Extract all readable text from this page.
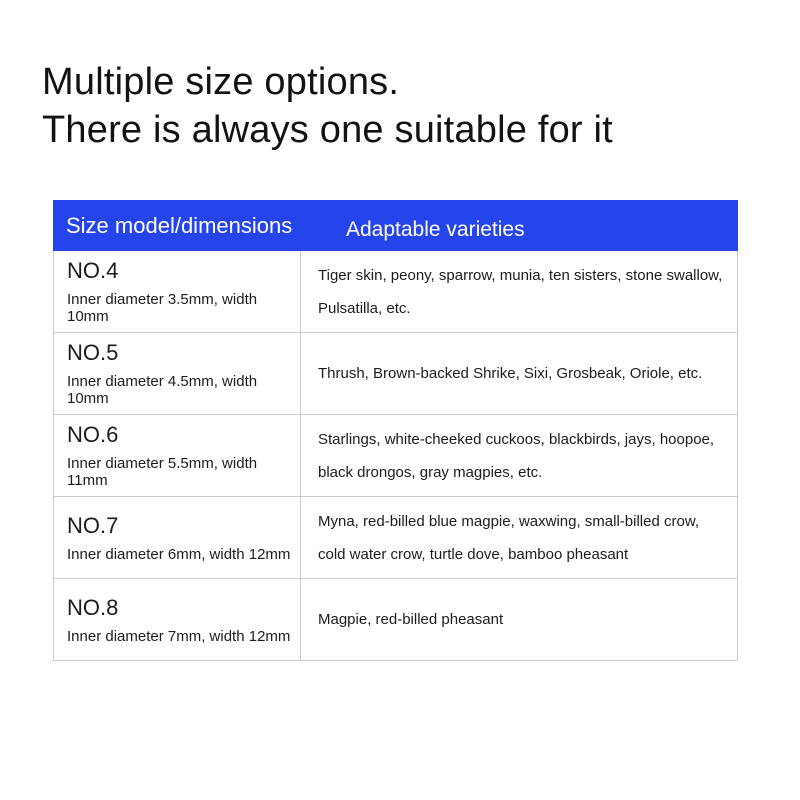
Multiple size options.
There is always one suitable for it
Size model/dimensions	Adaptable varieties
NO.4
Inner diameter 3.5mm, width 10mm
Tiger skin, peony, sparrow, munia, ten sisters, stone swallow, Pulsatilla, etc.
NO.5
Inner diameter 4.5mm, width 10mm
Thrush, Brown-backed Shrike, Sixi, Grosbeak, Oriole, etc.
NO.6
Inner diameter 5.5mm, width 11mm
Starlings, white-cheeked cuckoos, blackbirds, jays, hoopoe, black drongos, gray magpies, etc.
NO.7
Inner diameter 6mm, width 12mm
Myna, red-billed blue magpie, waxwing, small-billed crow, cold water crow, turtle dove, bamboo pheasant
NO.8
Inner diameter 7mm, width 12mm
Magpie, red-billed pheasant
